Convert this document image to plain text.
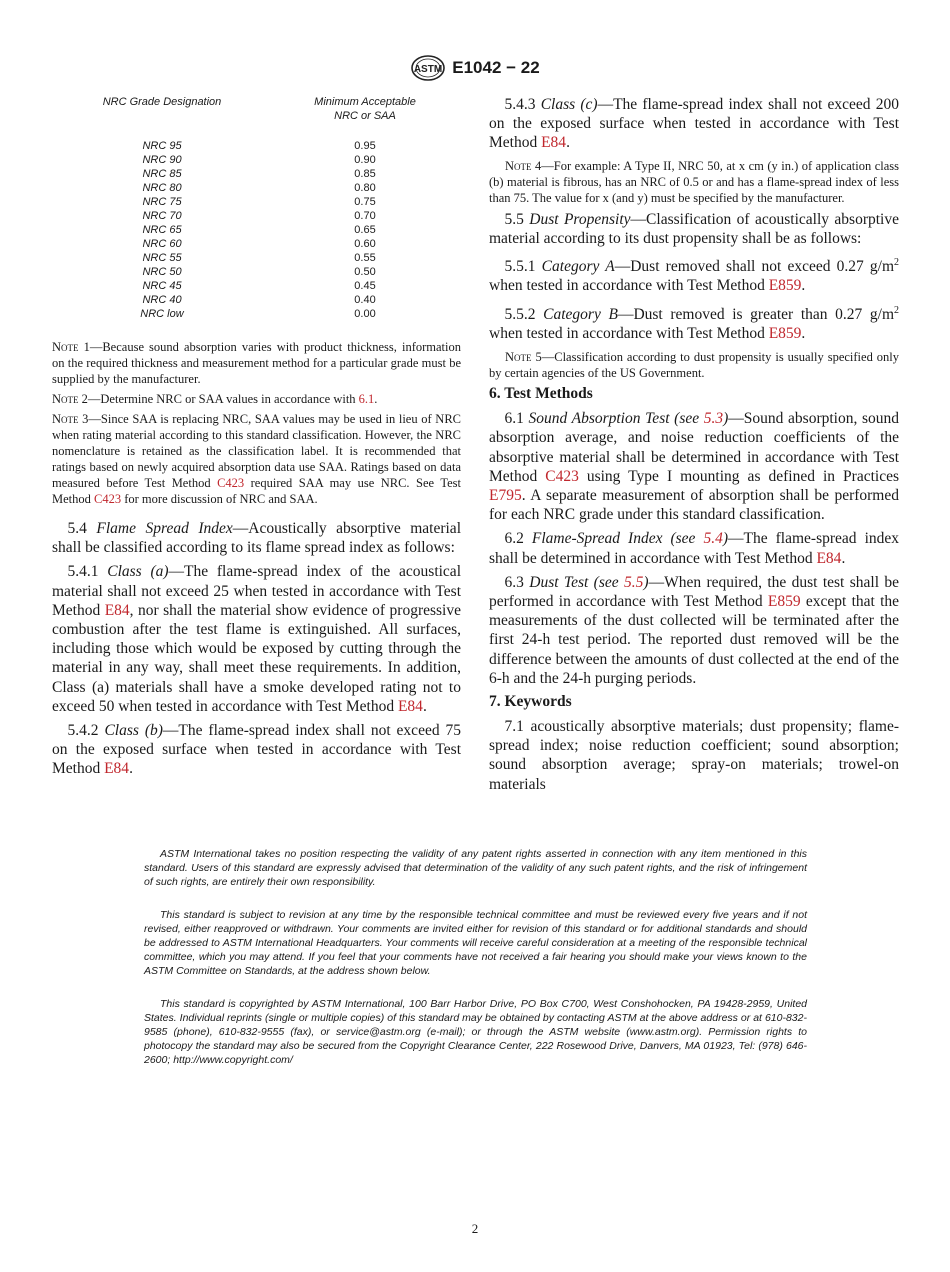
ASTM E1042 − 22
NRC Grade Designation	Minimum Acceptable NRC or SAA
NRC 95	0.95
NRC 90	0.90
NRC 85	0.85
NRC 80	0.80
NRC 75	0.75
NRC 70	0.70
NRC 65	0.65
NRC 60	0.60
NRC 55	0.55
NRC 50	0.50
NRC 45	0.45
NRC 40	0.40
NRC low	0.00

Note 1—Because sound absorption varies with product thickness, information on the required thickness and measurement method for a particular grade must be supplied by the manufacturer.

Note 2—Determine NRC or SAA values in accordance with 6.1.

Note 3—Since SAA is replacing NRC, SAA values may be used in lieu of NRC when rating material according to this standard classification. However, the NRC nomenclature is retained as the classification label. It is recommended that ratings based on newly acquired absorption data use SAA. Ratings based on data measured before Test Method C423 required SAA may use NRC. See Test Method C423 for more discussion of NRC and SAA.

 5.4 Flame Spread Index—Acoustically absorptive material shall be classified according to its flame spread index as follows:

 5.4.1 Class (a)—The flame-spread index of the acoustical material shall not exceed 25 when tested in accordance with Test Method E84, nor shall the material show evidence of progressive combustion after the test flame is extinguished. All surfaces, including those which would be exposed by cutting through the material in any way, shall meet these requirements. In addition, Class (a) materials shall have a smoke developed rating not to exceed 50 when tested in accordance with Test Method E84.

 5.4.2 Class (b)—The flame-spread index shall not exceed 75 on the exposed surface when tested in accordance with Test Method E84.

 5.4.3 Class (c)—The flame-spread index shall not exceed 200 on the exposed surface when tested in accordance with Test Method E84.

Note 4—For example: A Type II, NRC 50, at x cm (y in.) of application class (b) material is fibrous, has an NRC of 0.5 or and has a flame-spread index of less than 75. The value for x (and y) must be specified by the manufacturer.

 5.5 Dust Propensity—Classification of acoustically absorptive material according to its dust propensity shall be as follows:

 5.5.1 Category A—Dust removed shall not exceed 0.27 $g/m^2$ when tested in accordance with Test Method E859.

 5.5.2 Category B—Dust removed is greater than 0.27 $g/m^2$ when tested in accordance with Test Method E859.

Note 5—Classification according to dust propensity is usually specified only by certain agencies of the US Government.

6. Test Methods

 6.1 Sound Absorption Test (see 5.3)—Sound absorption, sound absorption average, and noise reduction coefficients of the absorptive material shall be determined in accordance with Test Method C423 using Type I mounting as defined in Practices E795. A separate measurement of absorption shall be performed for each NRC grade under this standard classification.

 6.2 Flame-Spread Index (see 5.4)—The flame-spread index shall be determined in accordance with Test Method E84.

 6.3 Dust Test (see 5.5)—When required, the dust test shall be performed in accordance with Test Method E859 except that the measurements of the dust collected will be terminated after the first 24-h test period. The reported dust removed will be the difference between the amounts of dust collected at the end of the 6-h and the 24-h purging periods.

7. Keywords

 7.1 acoustically absorptive materials; dust propensity; flame-spread index; noise reduction coefficient; sound absorption; sound absorption average; spray-on materials; trowel-on materials

ASTM International takes no position respecting the validity of any patent rights asserted in connection with any item mentioned in this standard. Users of this standard are expressly advised that determination of the validity of any such patent rights, and the risk of infringement of such rights, are entirely their own responsibility.

This standard is subject to revision at any time by the responsible technical committee and must be reviewed every five years and if not revised, either reapproved or withdrawn. Your comments are invited either for revision of this standard or for additional standards and should be addressed to ASTM International Headquarters. Your comments will receive careful consideration at a meeting of the responsible technical committee, which you may attend. If you feel that your comments have not received a fair hearing you should make your views known to the ASTM Committee on Standards, at the address shown below.

This standard is copyrighted by ASTM International, 100 Barr Harbor Drive, PO Box C700, West Conshohocken, PA 19428-2959, United States. Individual reprints (single or multiple copies) of this standard may be obtained by contacting ASTM at the above address or at 610-832-9585 (phone), 610-832-9555 (fax), or service@astm.org (e-mail); or through the ASTM website (www.astm.org). Permission rights to photocopy the standard may also be secured from the Copyright Clearance Center, 222 Rosewood Drive, Danvers, MA 01923, Tel: (978) 646-2600; http://www.copyright.com/

2
